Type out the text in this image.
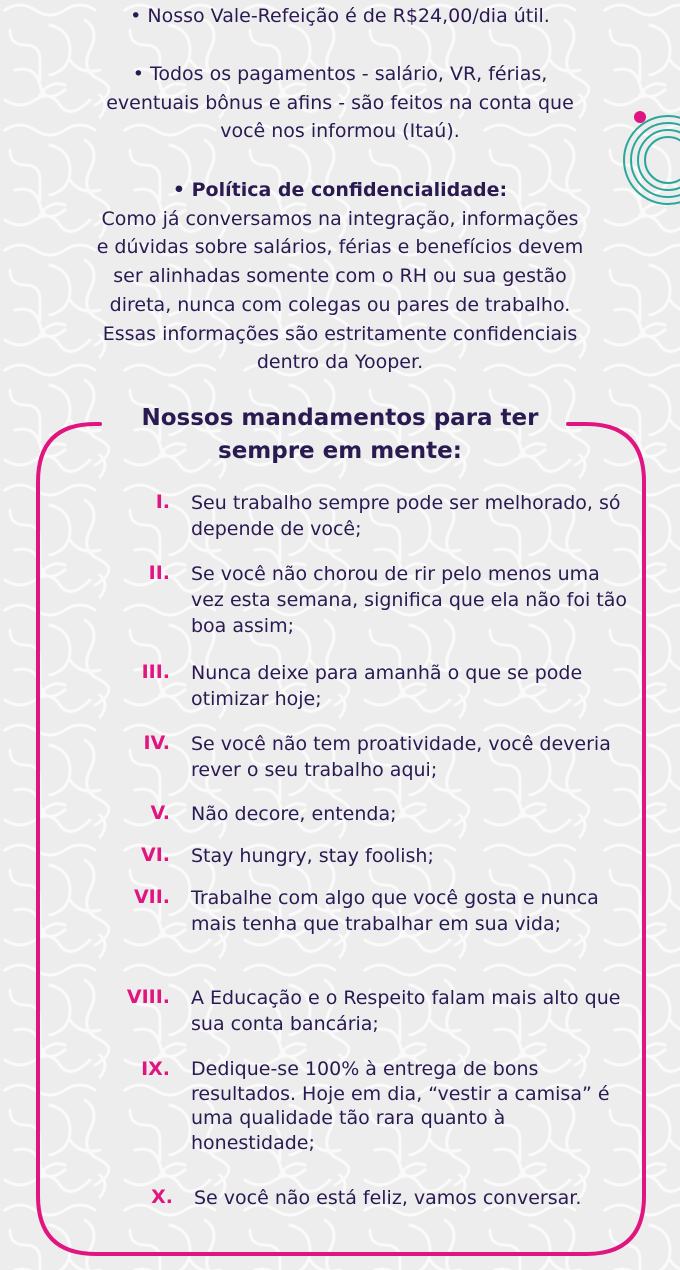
• Nosso Vale-Refeição é de R$24,00/dia útil.

• Todos os pagamentos - salário, VR, férias,
eventuais bônus e afins - são feitos na conta que
você nos informou (Itaú).

• Política de confidencialidade:
Como já conversamos na integração, informações
e dúvidas sobre salários, férias e benefícios devem
ser alinhadas somente com o RH ou sua gestão
direta, nunca com colegas ou pares de trabalho.
Essas informações são estritamente confidenciais
dentro da Yooper.

Nossos mandamentos para ter
sempre em mente:
I. Seu trabalho sempre pode ser melhorado, só depende de você;
II. Se você não chorou de rir pelo menos uma vez esta semana, significa que ela não foi tão boa assim;
III. Nunca deixe para amanhã o que se pode otimizar hoje;
IV. Se você não tem proatividade, você deveria rever o seu trabalho aqui;
V. Não decore, entenda;
VI. Stay hungry, stay foolish;
VII. Trabalhe com algo que você gosta e nunca mais tenha que trabalhar em sua vida;
VIII. A Educação e o Respeito falam mais alto que sua conta bancária;
IX. Dedique-se 100% à entrega de bons resultados. Hoje em dia, “vestir a camisa” é uma qualidade tão rara quanto à honestidade;
X. Se você não está feliz, vamos conversar.
